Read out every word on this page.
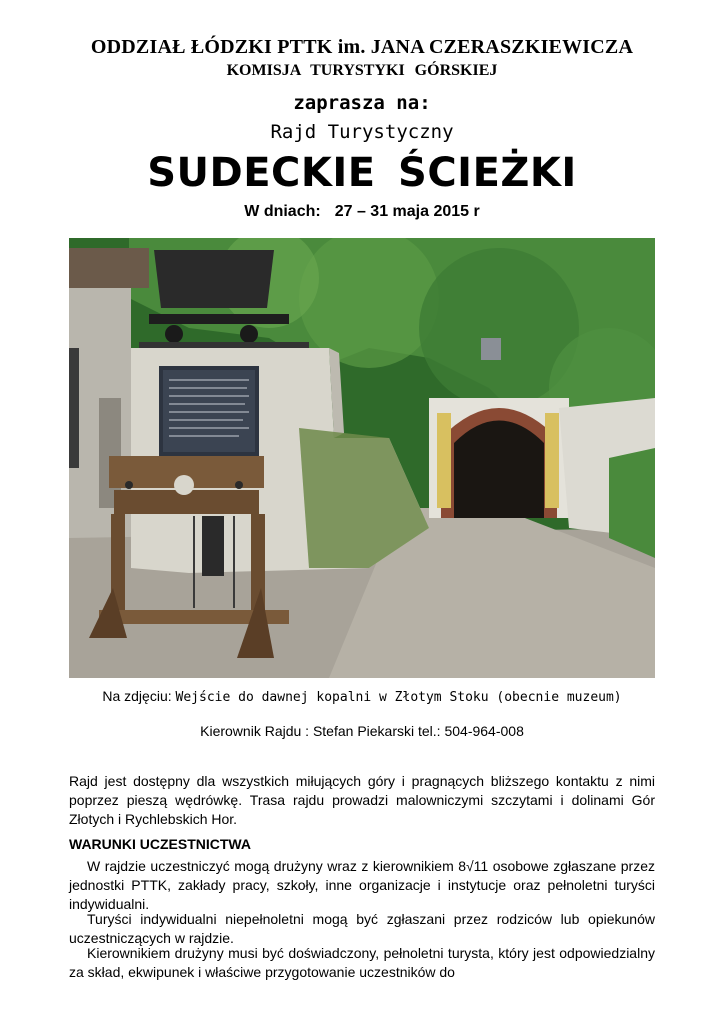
ODDZIAŁ ŁÓDZKI PTTK im. JANA CZERASZKIEWICZA
KOMISJA TURYSTYKI GÓRSKIEJ
zaprasza na:
Rajd Turystyczny
SUDECKIE ŚCIEŻKI
W dniach: 27 – 31 maja 2015 r
Na zdjęciu: Wejście do dawnej kopalni w Złotym Stoku (obecnie muzeum)
Kierownik Rajdu : Stefan Piekarski tel.: 504-964-008
Rajd jest dostępny dla wszystkich miłujących góry i pragnących bliższego kontaktu z nimi poprzez pieszą wędrówkę. Trasa rajdu prowadzi malowniczymi szczytami i dolinami Gór Złotych i Rychlebskich Hor.
WARUNKI UCZESTNICTWA
W rajdzie uczestniczyć mogą drużyny wraz z kierownikiem 8√11 osobowe zgłaszane przez jednostki PTTK, zakłady pracy, szkoły, inne organizacje i instytucje oraz pełnoletni turyści indywidualni.
Turyści indywidualni niepełnoletni mogą być zgłaszani przez rodziców lub opiekunów uczestniczących w rajdzie.
Kierownikiem drużyny musi być doświadczony, pełnoletni turysta, który jest odpowiedzialny za skład, ekwipunek i właściwe przygotowanie uczestników do
